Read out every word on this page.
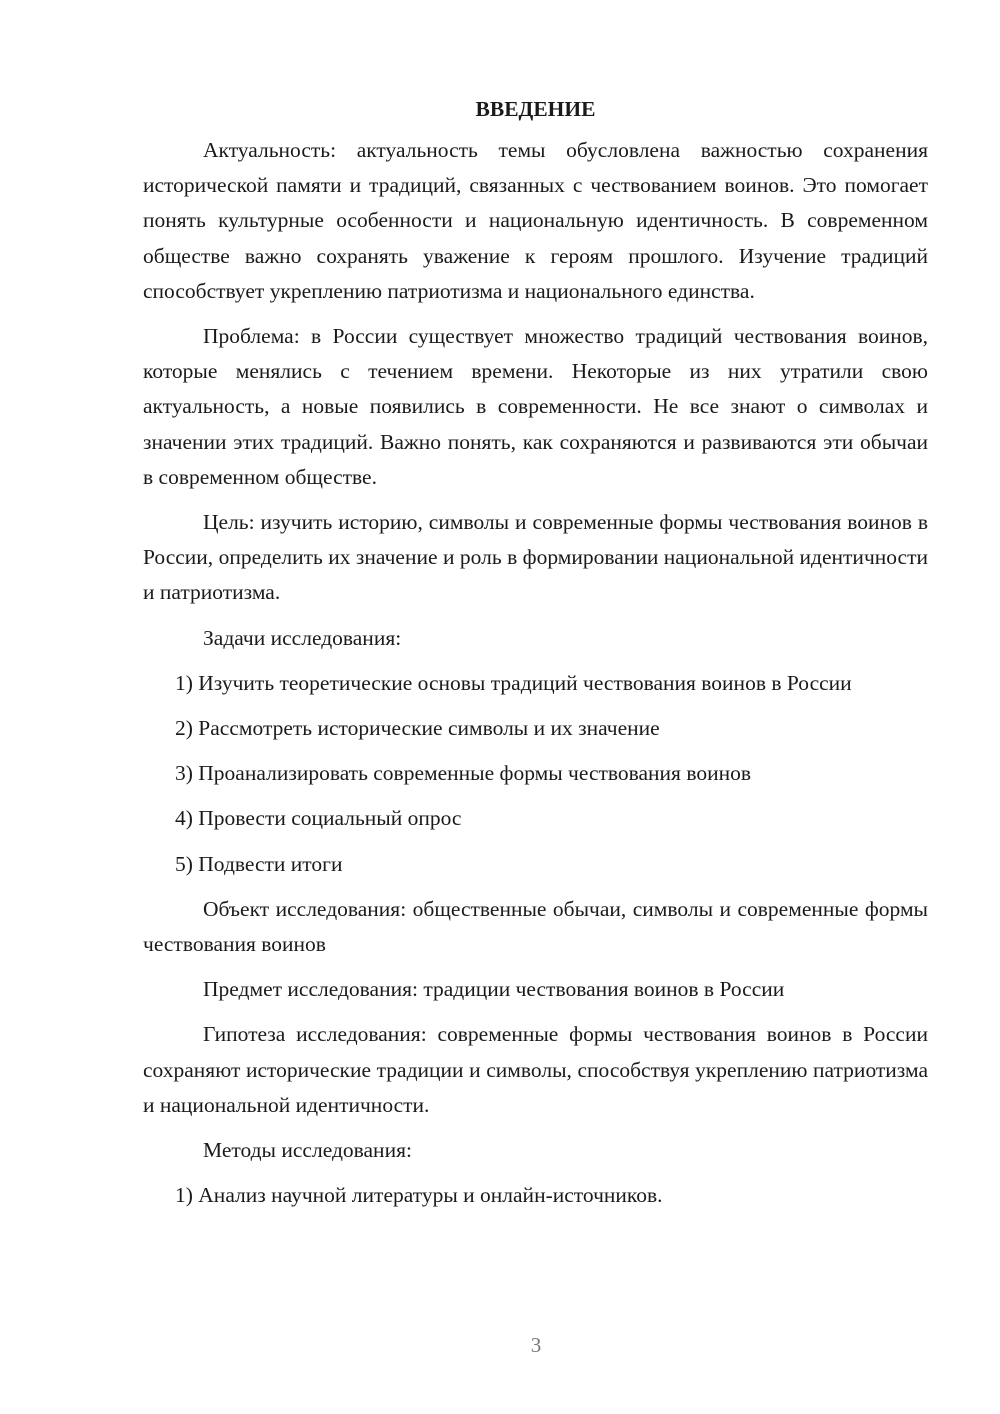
ВВЕДЕНИЕ

Актуальность: актуальность темы обусловлена важностью сохранения исторической памяти и традиций, связанных с чествованием воинов. Это помогает понять культурные особенности и национальную идентичность. В современном обществе важно сохранять уважение к героям прошлого. Изучение традиций способствует укреплению патриотизма и национального единства.

Проблема: в России существует множество традиций чествования воинов, которые менялись с течением времени. Некоторые из них утратили свою актуальность, а новые появились в современности. Не все знают о символах и значении этих традиций. Важно понять, как сохраняются и развиваются эти обычаи в современном обществе.

Цель: изучить историю, символы и современные формы чествования воинов в России, определить их значение и роль в формировании национальной идентичности и патриотизма.

Задачи исследования:

1) Изучить теоретические основы традиций чествования воинов в России

2) Рассмотреть исторические символы и их значение

3) Проанализировать современные формы чествования воинов

4) Провести социальный опрос

5) Подвести итоги

Объект исследования: общественные обычаи, символы и современные формы чествования воинов

Предмет исследования: традиции чествования воинов в России

Гипотеза исследования: современные формы чествования воинов в России сохраняют исторические традиции и символы, способствуя укреплению патриотизма и национальной идентичности.

Методы исследования:

1) Анализ научной литературы и онлайн-источников.

3
